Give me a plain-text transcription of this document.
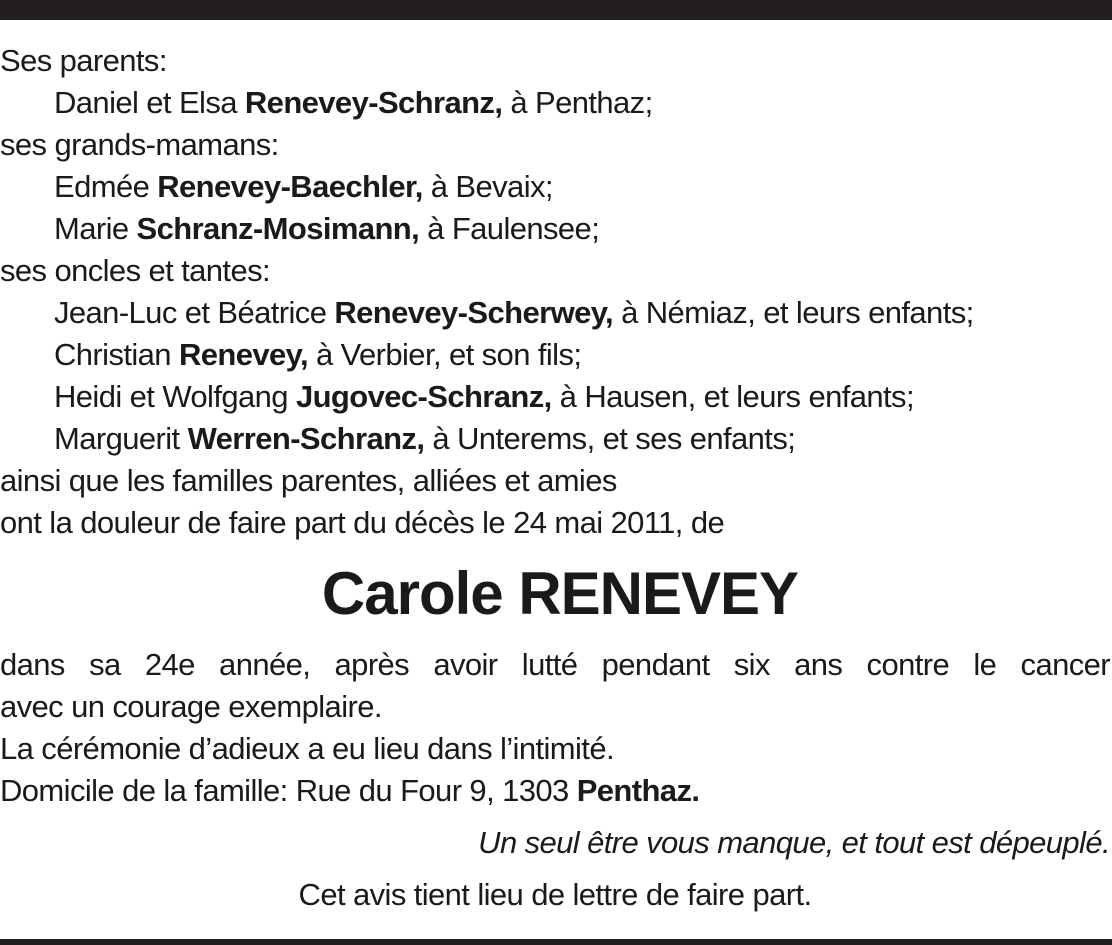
Ses parents:
Daniel et Elsa Renevey-Schranz, à Penthaz;
ses grands-mamans:
Edmée Renevey-Baechler, à Bevaix;
Marie Schranz-Mosimann, à Faulensee;
ses oncles et tantes:
Jean-Luc et Béatrice Renevey-Scherwey, à Némiaz, et leurs enfants;
Christian Renevey, à Verbier, et son fils;
Heidi et Wolfgang Jugovec-Schranz, à Hausen, et leurs enfants;
Marguerit Werren-Schranz, à Unterems, et ses enfants;
ainsi que les familles parentes, alliées et amies
ont la douleur de faire part du décès le 24 mai 2011, de
Carole RENEVEY
dans sa 24e année, après avoir lutté pendant six ans contre le cancer
avec un courage exemplaire.
La cérémonie d’adieux a eu lieu dans l’intimité.
Domicile de la famille: Rue du Four 9, 1303 Penthaz.
Un seul être vous manque, et tout est dépeuplé.
Cet avis tient lieu de lettre de faire part.
